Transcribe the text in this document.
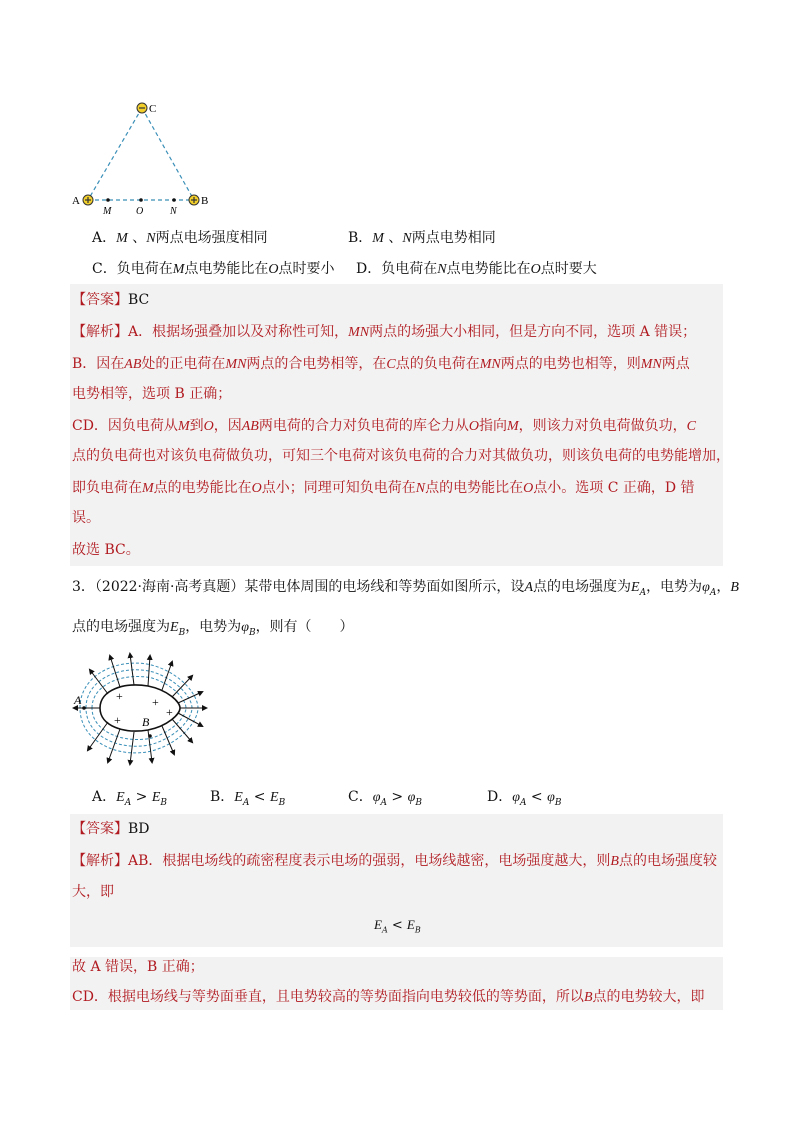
C
A	B
M O	N
A．M 、N两点电场强度相同	B．M 、N两点电势相同
C．负电荷在M点电势能比在O点时要小 D．负电荷在N点电势能比在O点时要大
【答案】BC
【解析】A．根据场强叠加以及对称性可知，MN两点的场强大小相同，但是方向不同，选项 A 错误；
B．因在AB处的正电荷在MN两点的合电势相等，在C点的负电荷在MN两点的电势也相等，则MN两点
电势相等，选项 B 正确；
CD．因负电荷从M到O，因AB两电荷的合力对负电荷的库仑力从O指向M，则该力对负电荷做负功，C
点的负电荷也对该负电荷做负功，可知三个电荷对该负电荷的合力对其做负功，则该负电荷的电势能增加，
即负电荷在M点的电势能比在O点小；同理可知负电荷在N点的电势能比在O点小。选项 C 正确，D 错
误。
故选 BC。
3．（2022·海南·高考真题）某带电体周围的电场线和等势面如图所示，设A点的电场强度为$E_A$，电势为$\varphi_A$，B
点的电场强度为$E_B$，电势为$\varphi_B$，则有（　　）
A
B
+ +
+
+
A．$E_A > E_B$	B．$E_A < E_B$	C．$\varphi_A > \varphi_B$	D．$\varphi_A < \varphi_B$
【答案】BD
【解析】AB．根据电场线的疏密程度表示电场的强弱，电场线越密，电场强度越大，则B点的电场强度较
大，即
$E_A < E_B$
故 A 错误，B 正确；
CD．根据电场线与等势面垂直，且电势较高的等势面指向电势较低的等势面，所以B点的电势较大，即
